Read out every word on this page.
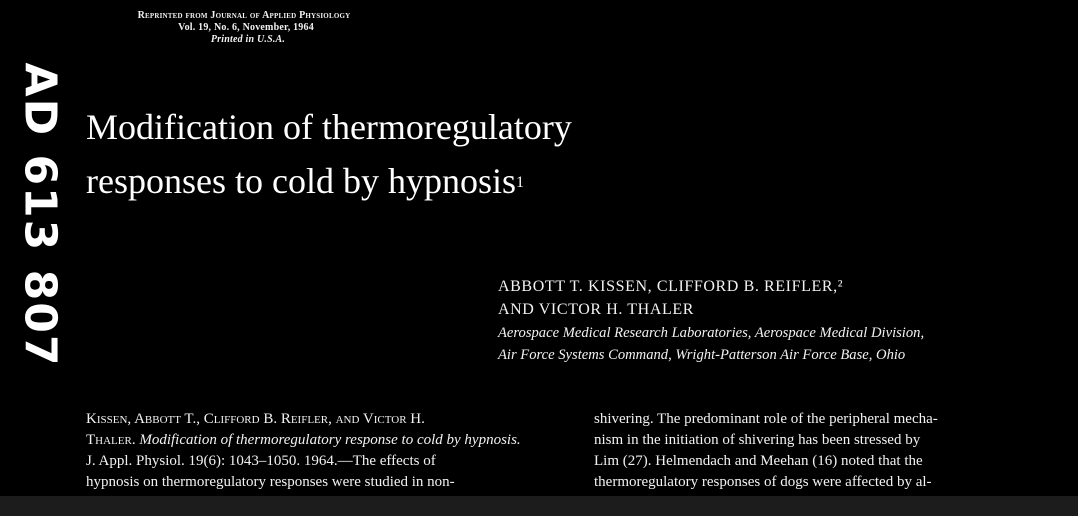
Reprinted from Journal of Applied Physiology
Vol. 19, No. 6, November, 1964
Printed in U.S.A.
AD 613 807 Modification of thermoregulatory
responses to cold by hypnosis$^1$
ABBOTT T. KISSEN, CLIFFORD B. REIFLER,²
AND VICTOR H. THALER
Aerospace Medical Research Laboratories, Aerospace Medical Division,
Air Force Systems Command, Wright-Patterson Air Force Base, Ohio
Kissen, Abbott T., Clifford B. Reifler, and Victor H.
Thaler. Modification of thermoregulatory response to cold by hypnosis.
J. Appl. Physiol. 19(6): 1043–1050. 1964.—The effects of
hypnosis on thermoregulatory responses were studied in non-
shivering. The predominant role of the peripheral mecha-
nism in the initiation of shivering has been stressed by
Lim (27). Helmendach and Meehan (16) noted that the
thermoregulatory responses of dogs were affected by al-
